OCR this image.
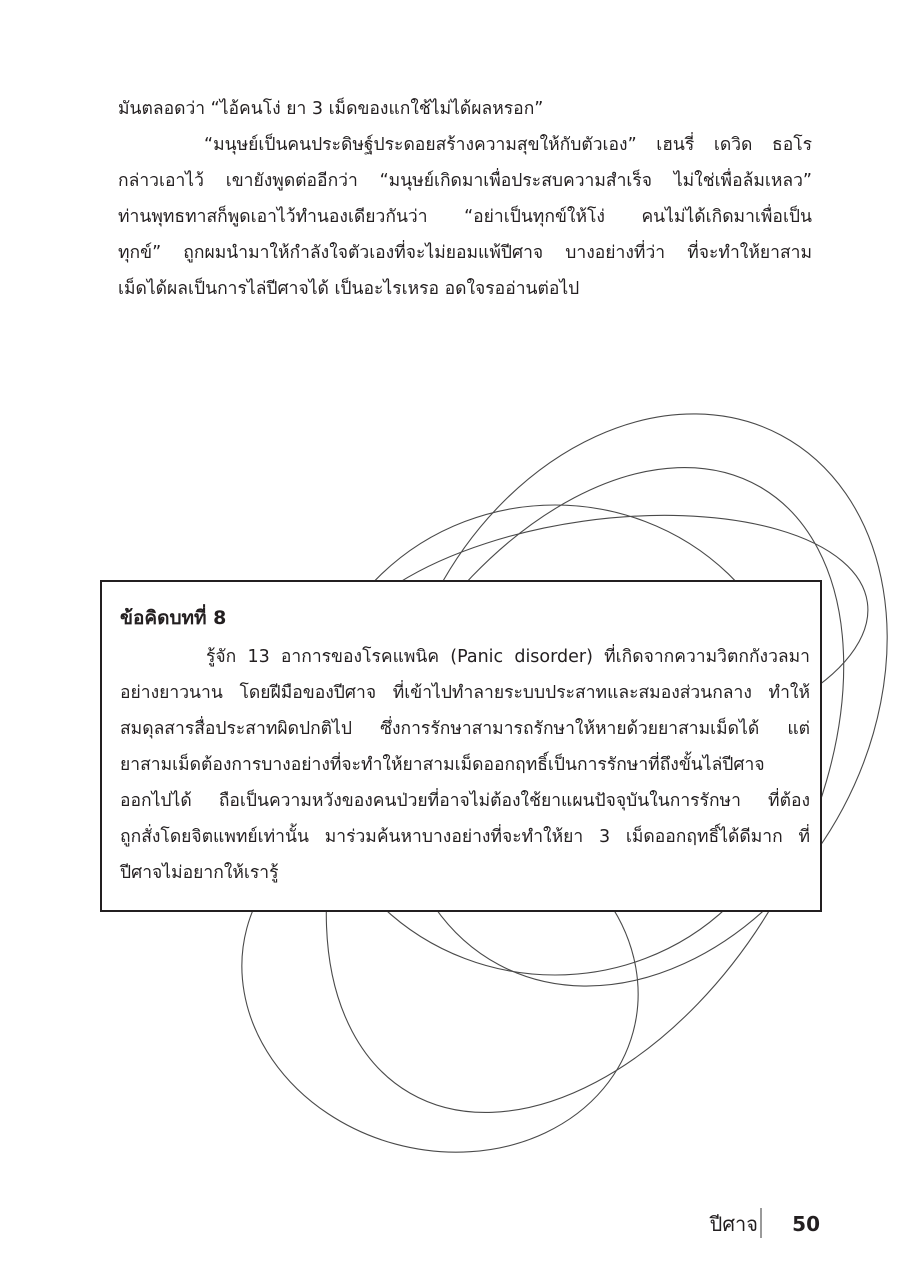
มันตลอดว่า “ไอ้คนโง่ ยา 3 เม็ดของแกใช้ไม่ได้ผลหรอก”

“มนุษย์เป็นคนประดิษฐ์ประดอยสร้างความสุขให้กับตัวเอง” เฮนรี่ เดวิด ธอโร

กล่าวเอาไว้ เขายังพูดต่ออีกว่า “มนุษย์เกิดมาเพื่อประสบความสำเร็จ ไม่ใช่เพื่อล้มเหลว”

ท่านพุทธทาสก็พูดเอาไว้ทำนองเดียวกันว่า “อย่าเป็นทุกข์ให้โง่ คนไม่ได้เกิดมาเพื่อเป็น

ทุกข์” ถูกผมนำมาให้กำลังใจตัวเองที่จะไม่ยอมแพ้ปีศาจ บางอย่างที่ว่า ที่จะทำให้ยาสาม

เม็ดได้ผลเป็นการไล่ปีศาจได้ เป็นอะไรเหรอ อดใจรออ่านต่อไป

ข้อคิดบทที่ 8

รู้จัก 13 อาการของโรคแพนิค (Panic disorder) ที่เกิดจากความวิตกกังวลมา

อย่างยาวนาน โดยฝีมือของปีศาจ ที่เข้าไปทำลายระบบประสาทและสมองส่วนกลาง ทำให้

สมดุลสารสื่อประสาทผิดปกติไป ซึ่งการรักษาสามารถรักษาให้หายด้วยยาสามเม็ดได้ แต่

ยาสามเม็ดต้องการบางอย่างที่จะทำให้ยาสามเม็ดออกฤทธิ์เป็นการรักษาที่ถึงขั้นไล่ปีศาจ

ออกไปได้ ถือเป็นความหวังของคนป่วยที่อาจไม่ต้องใช้ยาแผนปัจจุบันในการรักษา ที่ต้อง

ถูกสั่งโดยจิตแพทย์เท่านั้น มาร่วมค้นหาบางอย่างที่จะทำให้ยา 3 เม็ดออกฤทธิ์ได้ดีมาก ที่

ปีศาจไม่อยากให้เรารู้

ปีศาจ 50
